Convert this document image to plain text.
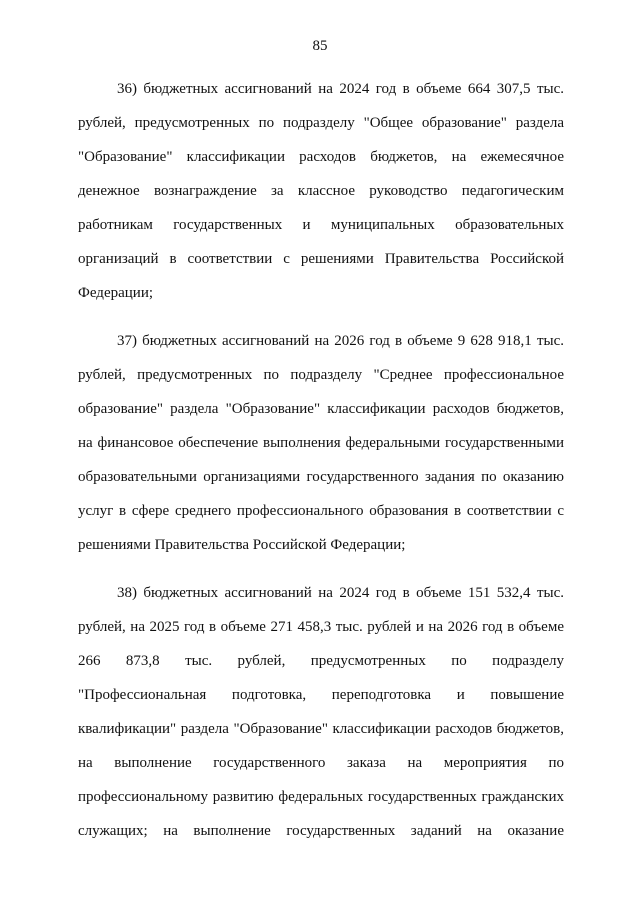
85

36) бюджетных ассигнований на 2024 год в объеме 664 307,5 тыс.
рублей, предусмотренных по подразделу "Общее образование" раздела
"Образование" классификации расходов бюджетов, на ежемесячное
денежное вознаграждение за классное руководство педагогическим
работникам государственных и муниципальных образовательных
организаций в соответствии с решениями Правительства Российской
Федерации;

37) бюджетных ассигнований на 2026 год в объеме 9 628 918,1 тыс.
рублей, предусмотренных по подразделу "Среднее профессиональное
образование" раздела "Образование" классификации расходов бюджетов,
на финансовое обеспечение выполнения федеральными государственными
образовательными организациями государственного задания по оказанию
услуг в сфере среднего профессионального образования в соответствии с
решениями Правительства Российской Федерации;

38) бюджетных ассигнований на 2024 год в объеме 151 532,4 тыс.
рублей, на 2025 год в объеме 271 458,3 тыс. рублей и на 2026 год в объеме
266 873,8 тыс. рублей, предусмотренных по подразделу
"Профессиональная подготовка, переподготовка и повышение
квалификации" раздела "Образование" классификации расходов бюджетов,
на выполнение государственного заказа на мероприятия по
профессиональному развитию федеральных государственных гражданских
служащих; на выполнение государственных заданий на оказание
